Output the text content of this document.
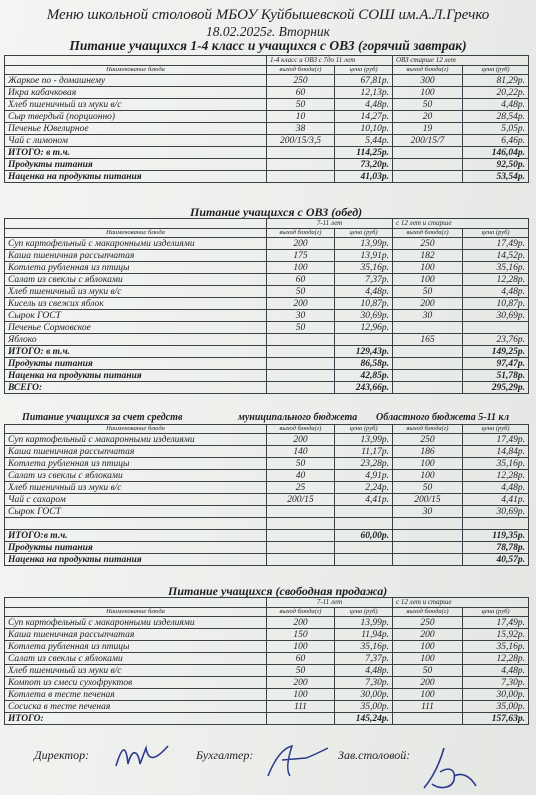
Меню школьной столовой МБОУ Куйбышевской СОШ им.А.Л.Гречко
18.02.2025г. Вторник
Питание учащихся 1-4 класс и учащихся с ОВЗ (горячий завтрак)
	1-4 класс и ОВЗ с 7до 11 лет		ОВЗ старше 12 лет	
Наименование блюда	выход блюда(г)	цена (руб)	выход блюда(г)	цена (руб)
Жаркое по - домашнему	250	67,81р.	300	81,29р.
Икра кабачковая	60	12,13р.	100	20,22р.
Хлеб пшеничный из муки в/с	50	4,48р.	50	4,48р.
Сыр твердый (порционно)	10	14,27р.	20	28,54р.
Печенье Ювелирное	38	10,10р.	19	5,05р.
Чай с лимоном	200/15/3,5	5,44р.	200/15/7	6,46р.
ИТОГО: в т.ч.		114,25р.		146,04р.
Продукты питания		73,20р.		92,50р.
Наценка на продукты питания		41,03р.		53,54р.
Питание учащихся с ОВЗ (обед)
	7-11 лет		с 12 лет и старше	
Наименование блюда	выход блюда(г)	цена (руб)	выход блюда(г)	цена (руб)
Суп картофельный с макаронными изделиями	200	13,99р.	250	17,49р.
Каша пшеничная рассыпчатая	175	13,91р.	182	14,52р.
Котлета рубленная из птицы	100	35,16р.	100	35,16р.
Салат из свеклы с яблоками	60	7,37р.	100	12,28р.
Хлеб пшеничный из муки в/с	50	4,48р.	50	4,48р.
Кисель из свежих яблок	200	10,87р.	200	10,87р.
Сырок ГОСТ	30	30,69р.	30	30,69р.
Печенье Сормовское	50	12,96р.		
Яблоко			165	23,76р.
ИТОГО: в т.ч.		129,43р.		149,25р.
Продукты питания		86,58р.		97,47р.
Наценка на продукты питания		42,85р.		51,78р.
ВСЕГО:		243,66р.		295,29р.
Питание учащихся за счет средств	муниципального бюджета Областного бюджета 5-11 кл
Наименование блюда	выход блюда(г)	цена (руб)	выход блюда(г)	цена (руб)
Суп картофельный с макаронными изделиями	200	13,99р.	250	17,49р.
Каша пшеничная рассыпчатая	140	11,17р.	186	14,84р.
Котлета рубленная из птицы	50	23,28р.	100	35,16р.
Салат из свеклы с яблоками	40	4,91р.	100	12,28р.
Хлеб пшеничный из муки в/с	25	2,24р.	50	4,48р.
Чай с сахаром	200/15	4,41р.	200/15	4,41р.
Сырок ГОСТ			30	30,69р.

ИТОГО:в т.ч.		60,00р.		119,35р.
Продукты питания				78,78р.
Наценка на продукты питания				40,57р.
Питание учащихся (свободная продажа)
	7-11 лет		с 12 лет и старше	
Наименование блюда	выход блюда(г)	цена (руб)	выход блюда(г)	цена (руб)
Суп картофельный с макаронными изделиями	200	13,99р.	250	17,49р.
Каша пшеничная рассыпчатая	150	11,94р.	200	15,92р.
Котлета рубленная из птицы	100	35,16р.	100	35,16р.
Салат из свеклы с яблоками	60	7,37р.	100	12,28р.
Хлеб пшеничный из муки в/с	50	4,48р.	50	4,48р.
Компот из смеси сухофруктов	200	7,30р.	200	7,30р.
Котлета в тесте печеная	100	30,00р.	100	30,00р.
Сосиска в тесте печеная	111	35,00р.	111	35,00р.
ИТОГО:		145,24р.		157,63р.
Директор:	Бухгалтер:	Зав.столовой:
